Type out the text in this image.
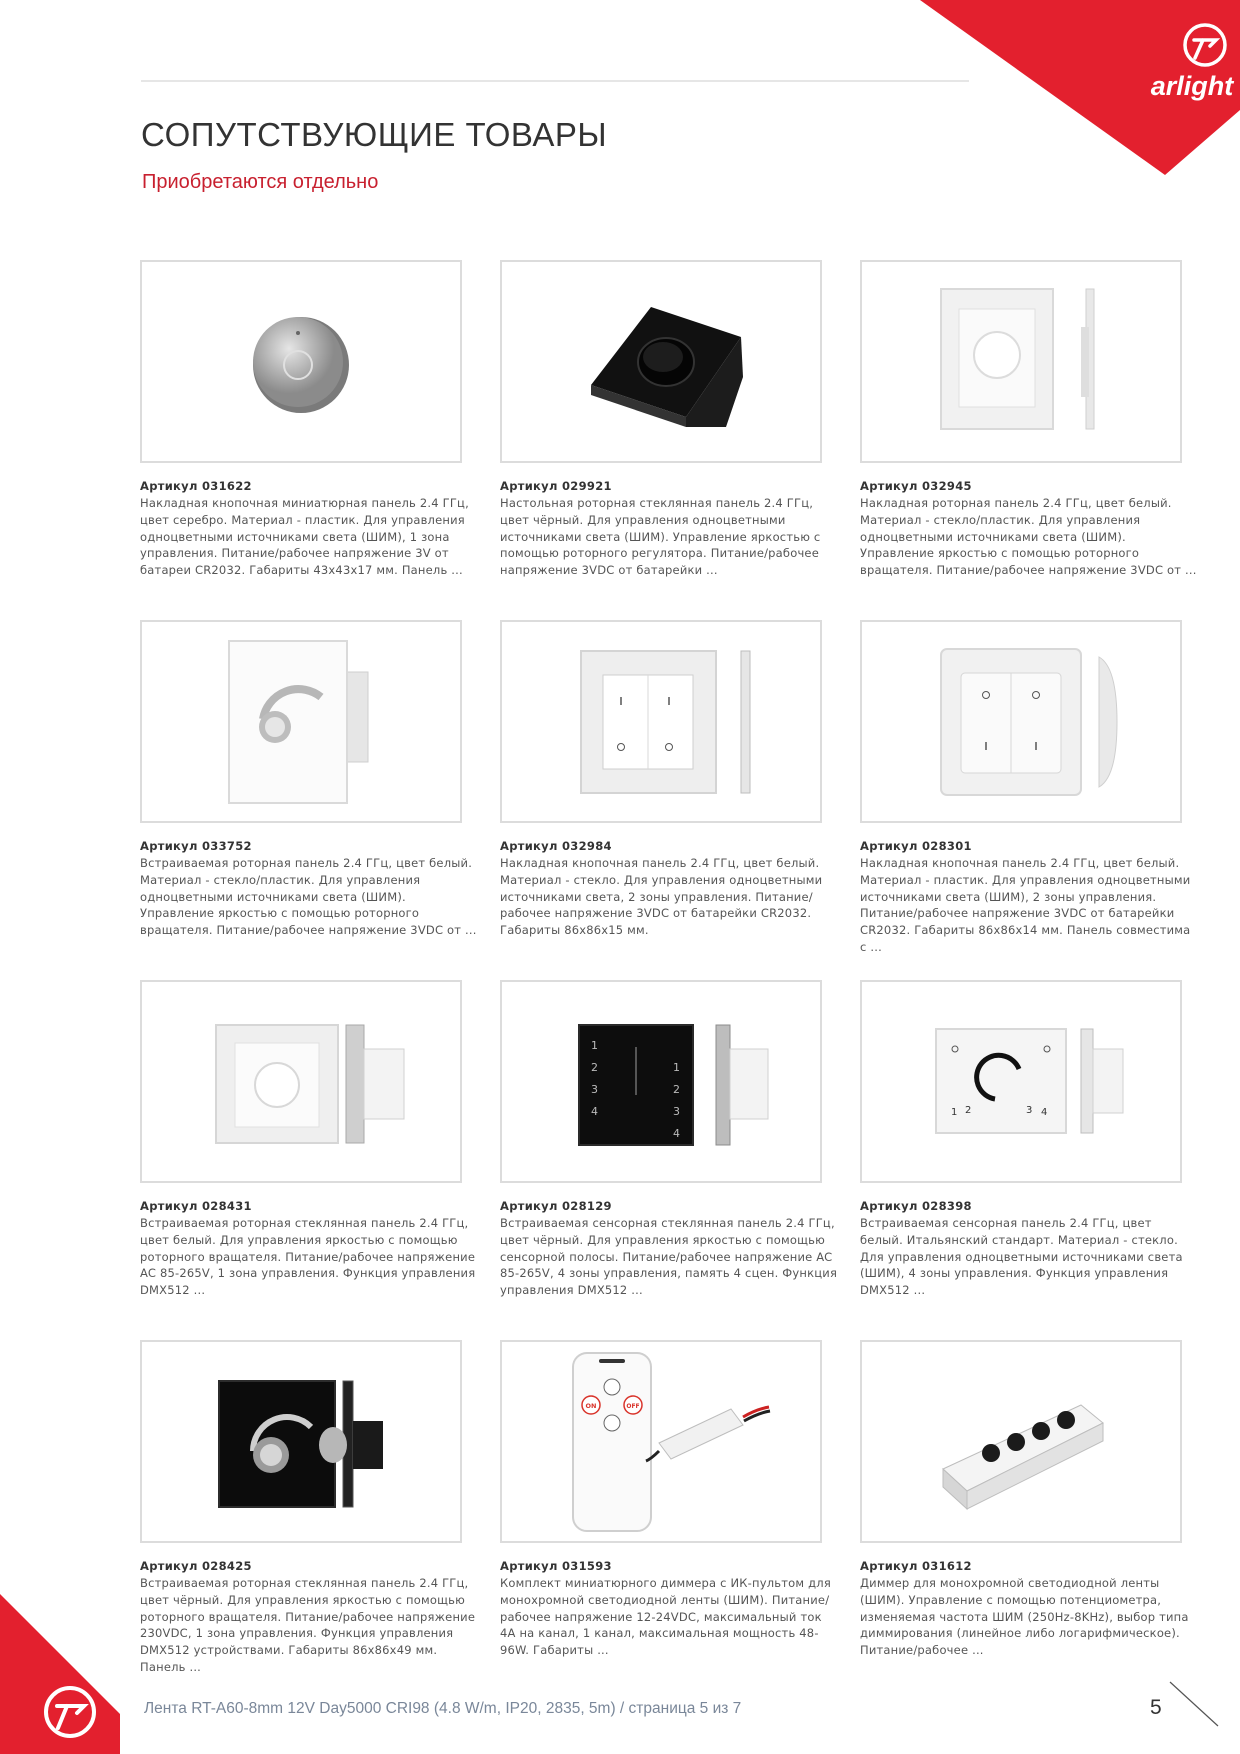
arlight
СОПУТСТВУЮЩИЕ ТОВАРЫ
Приобретаются отдельно
Артикул 031622
Накладная кнопочная миниатюрная панель 2.4 ГГц, цвет серебро. Материал - пластик. Для управления одноцветными источниками света (ШИМ), 1 зона управления. Питание/рабочее напряжение 3V от батареи CR2032. Габариты 43x43x17 мм. Панель ...
Артикул 029921
Настольная роторная стеклянная панель 2.4 ГГц, цвет чёрный. Для управления одноцветными источниками света (ШИМ). Управление яркостью с помощью роторного регулятора. Питание/рабочее напряжение 3VDC от батарейки ...
Артикул 032945
Накладная роторная панель 2.4 ГГц, цвет белый. Материал - стекло/пластик. Для управления одноцветными источниками света (ШИМ). Управление яркостью с помощью роторного вращателя. Питание/рабочее напряжение 3VDC от ...
Артикул 033752
Встраиваемая роторная панель 2.4 ГГц, цвет белый. Материал - стекло/пластик. Для управления одноцветными источниками света (ШИМ). Управление яркостью с помощью роторного вращателя. Питание/рабочее напряжение 3VDC от ...
Артикул 032984
Накладная кнопочная панель 2.4 ГГц, цвет белый. Материал - стекло. Для управления одноцветными источниками света, 2 зоны управления. Питание/рабочее напряжение 3VDC от батарейки CR2032. Габариты 86x86x15 мм.
Артикул 028301
Накладная кнопочная панель 2.4 ГГц, цвет белый. Материал - пластик. Для управления одноцветными источниками света (ШИМ), 2 зоны управления. Питание/рабочее напряжение 3VDC от батарейки CR2032. Габариты 86x86x14 мм. Панель совместима с ...
Артикул 028431
Встраиваемая роторная стеклянная панель 2.4 ГГц, цвет белый. Для управления яркостью с помощью роторного вращателя. Питание/рабочее напряжение AC 85-265V, 1 зона управления. Функция управления DMX512 ...
1
2
3
4
1
2
3
4
Артикул 028129
Встраиваемая сенсорная стеклянная панель 2.4 ГГц, цвет чёрный. Для управления яркостью с помощью сенсорной полосы. Питание/рабочее напряжение AC 85-265V, 4 зоны управления, память 4 сцен. Функция управления DMX512 ...
1 2	3 4
Артикул 028398
Встраиваемая сенсорная панель 2.4 ГГц, цвет белый. Итальянский стандарт. Материал - стекло. Для управления одноцветными источниками света (ШИМ), 4 зоны управления. Функция управления DMX512 ...
Артикул 028425
Встраиваемая роторная стеклянная панель 2.4 ГГц, цвет чёрный. Для управления яркостью с помощью роторного вращателя. Питание/рабочее напряжение 230VDC, 1 зона управления. Функция управления DMX512 устройствами. Габариты 86x86x49 мм. Панель ...
ON	OFF
Артикул 031593
Комплект миниатюрного диммера с ИК-пультом для монохромной светодиодной ленты (ШИМ). Питание/рабочее напряжение 12-24VDC, максимальный ток 4A на канал, 1 канал, максимальная мощность 48-96W. Габариты ...
Артикул 031612
Диммер для монохромной светодиодной ленты (ШИМ). Управление с помощью потенциометра, изменяемая частота ШИМ (250Hz-8KHz), выбор типа диммирования (линейное либо логарифмическое). Питание/рабочее ...
Лента RT-A60-8mm 12V Day5000 CRI98 (4.8 W/m, IP20, 2835, 5m) / страница 5 из 7	5
